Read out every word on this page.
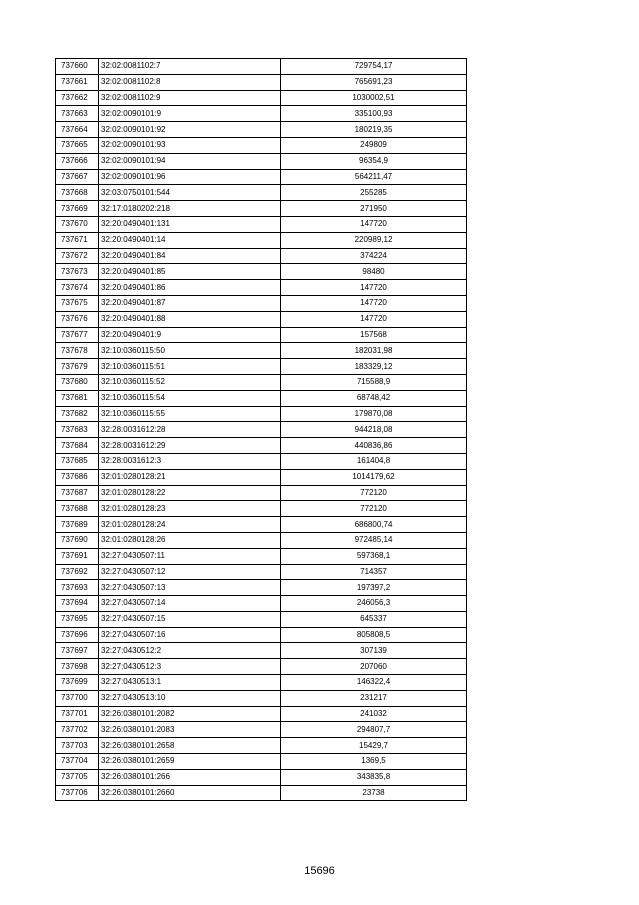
737660	32:02:0081102:7	729754,17
737661	32:02:0081102:8	765691,23
737662	32:02:0081102:9	1030002,51
737663	32:02:0090101:9	335100,93
737664	32:02:0090101:92	180219,35
737665	32:02:0090101:93	249809
737666	32:02:0090101:94	96354,9
737667	32:02:0090101:96	564211,47
737668	32:03:0750101:544	255285
737669	32:17:0180202:218	271950
737670	32:20:0490401:131	147720
737671	32:20:0490401:14	220989,12
737672	32:20:0490401:84	374224
737673	32:20:0490401:85	98480
737674	32:20:0490401:86	147720
737675	32:20:0490401:87	147720
737676	32:20:0490401:88	147720
737677	32:20:0490401:9	157568
737678	32:10:0360115:50	182031,98
737679	32:10:0360115:51	183329,12
737680	32:10:0360115:52	715588,9
737681	32:10:0360115:54	68748,42
737682	32:10:0360115:55	179870,08
737683	32:28:0031612:28	944218,08
737684	32:28:0031612:29	440836,86
737685	32:28:0031612:3	161404,8
737686	32:01:0280128:21	1014179,62
737687	32:01:0280128:22	772120
737688	32:01:0280128:23	772120
737689	32:01:0280128:24	686800,74
737690	32:01:0280128:26	972485,14
737691	32:27:0430507:11	597368,1
737692	32:27:0430507:12	714357
737693	32:27:0430507:13	197397,2
737694	32:27:0430507:14	246056,3
737695	32:27:0430507:15	645337
737696	32:27:0430507:16	805808,5
737697	32:27:0430512:2	307139
737698	32:27:0430512:3	207060
737699	32:27:0430513:1	146322,4
737700	32:27:0430513:10	231217
737701	32:26:0380101:2082	241032
737702	32:26:0380101:2083	294807,7
737703	32:26:0380101:2658	15429,7
737704	32:26:0380101:2659	1369,5
737705	32:26:0380101:266	343835,8
737706	32:26:0380101:2660	23738
15696
